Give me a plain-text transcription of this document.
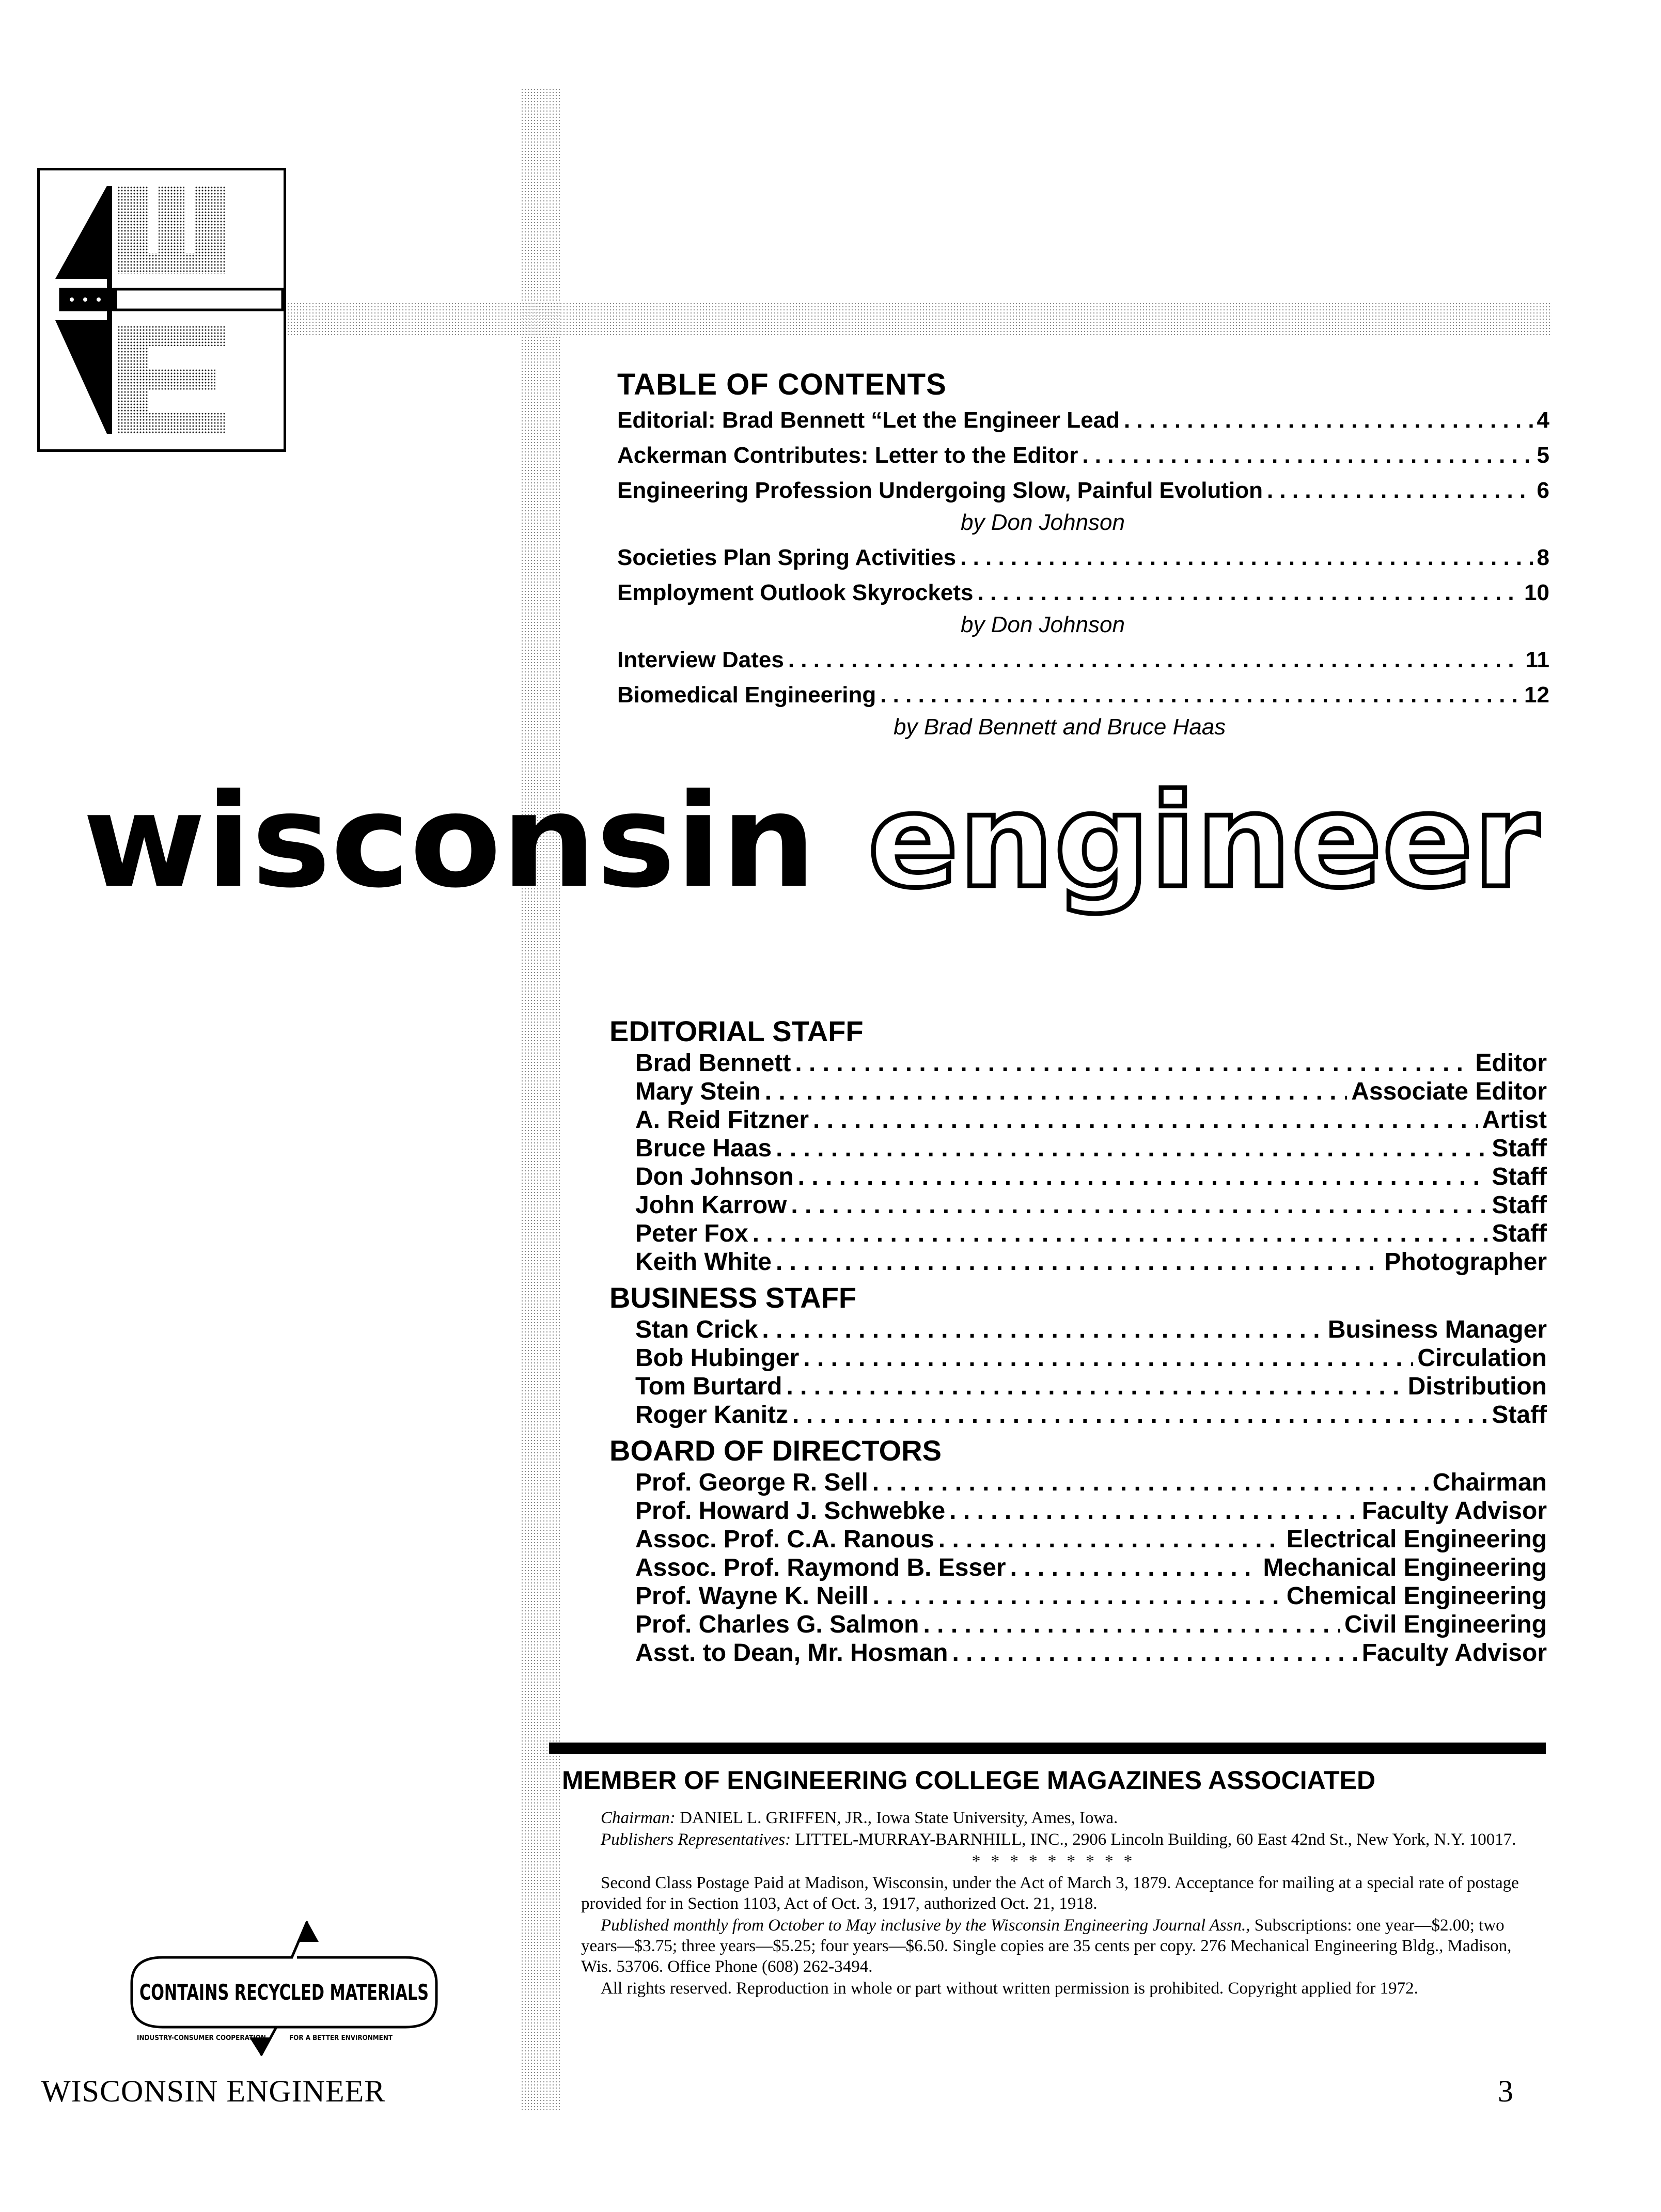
TABLE OF CONTENTS
Editorial: Brad Bennett “Let the Engineer Lead . . .	4
Ackerman Contributes: Letter to the Editor . . .	5
Engineering Profession Undergoing Slow, Painful Evolution . . .	6
by Don Johnson
Societies Plan Spring Activities . . .	8
Employment Outlook Skyrockets . . .	10
by Don Johnson
Interview Dates . . .	11
Biomedical Engineering . . .	12
by Brad Bennett and Bruce Haas
wisconsin engineer
EDITORIAL STAFF
Brad Bennett . . .	Editor
Mary Stein . . .	Associate Editor
A. Reid Fitzner . . .	Artist
Bruce Haas . . .	Staff
Don Johnson . . .	Staff
John Karrow . . .	Staff
Peter Fox . . .	Staff
Keith White . . .	Photographer
BUSINESS STAFF
Stan Crick . . .	Business Manager
Bob Hubinger . . .	Circulation
Tom Burtard . . .	Distribution
Roger Kanitz . . .	Staff
BOARD OF DIRECTORS
Prof. George R. Sell . . .	Chairman
Prof. Howard J. Schwebke . . .	Faculty Advisor
Assoc. Prof. C.A. Ranous . . .	Electrical Engineering
Assoc. Prof. Raymond B. Esser . . .	Mechanical Engineering
Prof. Wayne K. Neill . . .	Chemical Engineering
Prof. Charles G. Salmon . . .	Civil Engineering
Asst. to Dean, Mr. Hosman . . .	Faculty Advisor
MEMBER OF ENGINEERING COLLEGE MAGAZINES ASSOCIATED

Chairman: DANIEL L. GRIFFEN, JR., Iowa State University, Ames, Iowa.

Publishers Representatives: LITTEL-MURRAY-BARNHILL, INC., 2906 Lincoln Building, 60 East 42nd St., New York, N.Y. 10017.

* * * * * * * * *

Second Class Postage Paid at Madison, Wisconsin, under the Act of March 3, 1879. Acceptance for mailing at a special rate of postage provided for in Section 1103, Act of Oct. 3, 1917, authorized Oct. 21, 1918.

Published monthly from October to May inclusive by the Wisconsin Engineering Journal Assn., Subscriptions: one year—$2.00; two years—$3.75; three years—$5.25; four years—$6.50. Single copies are 35 cents per copy. 276 Mechanical Engineering Bldg., Madison, Wis. 53706. Office Phone (608) 262-3494.

All rights reserved. Reproduction in whole or part without written permission is prohibited. Copyright applied for 1972.

CONTAINS RECYCLED MATERIALS
INDUSTRY-CONSUMER COOPERATION	FOR A BETTER ENVIRONMENT
WISCONSIN ENGINEER	3
